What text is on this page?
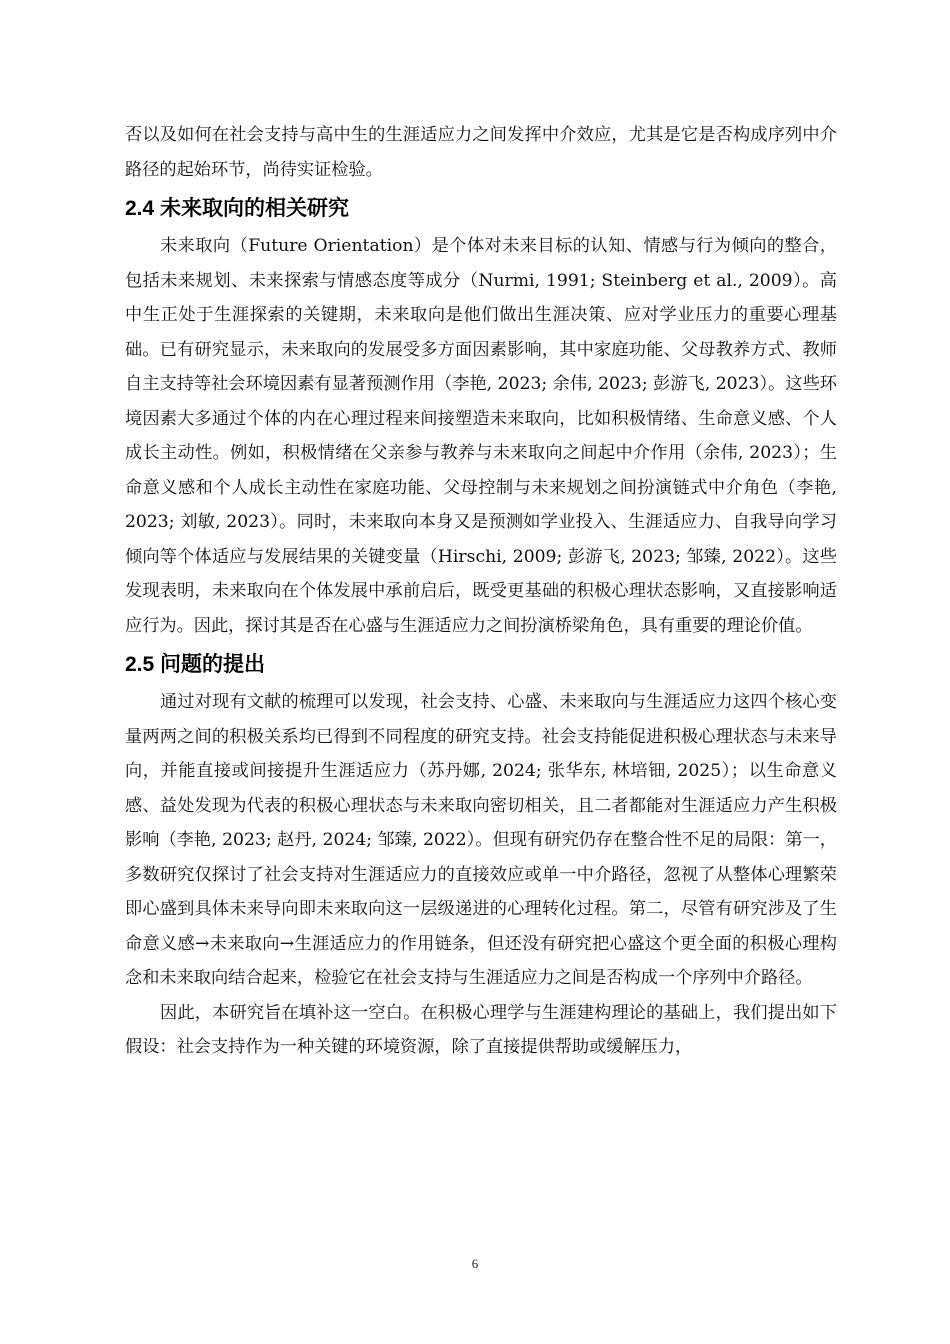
否以及如何在社会支持与高中生的生涯适应力之间发挥中介效应，尤其是它是否构成序列中介路径的起始环节，尚待实证检验。

2.4 未来取向的相关研究

未来取向（Future Orientation）是个体对未来目标的认知、情感与行为倾向的整合，包括未来规划、未来探索与情感态度等成分（Nurmi, 1991; Steinberg et al., 2009）。高中生正处于生涯探索的关键期，未来取向是他们做出生涯决策、应对学业压力的重要心理基础。已有研究显示，未来取向的发展受多方面因素影响，其中家庭功能、父母教养方式、教师自主支持等社会环境因素有显著预测作用（李艳, 2023; 余伟, 2023; 彭游飞, 2023）。这些环境因素大多通过个体的内在心理过程来间接塑造未来取向，比如积极情绪、生命意义感、个人成长主动性。例如，积极情绪在父亲参与教养与未来取向之间起中介作用（余伟, 2023）；生命意义感和个人成长主动性在家庭功能、父母控制与未来规划之间扮演链式中介角色（李艳, 2023; 刘敏, 2023）。同时，未来取向本身又是预测如学业投入、生涯适应力、自我导向学习倾向等个体适应与发展结果的关键变量（Hirschi, 2009; 彭游飞, 2023; 邹臻, 2022）。这些发现表明，未来取向在个体发展中承前启后，既受更基础的积极心理状态影响，又直接影响适应行为。因此，探讨其是否在心盛与生涯适应力之间扮演桥梁角色，具有重要的理论价值。

2.5 问题的提出

通过对现有文献的梳理可以发现，社会支持、心盛、未来取向与生涯适应力这四个核心变量两两之间的积极关系均已得到不同程度的研究支持。社会支持能促进积极心理状态与未来导向，并能直接或间接提升生涯适应力（苏丹娜, 2024; 张华东, 林培钿, 2025）；以生命意义感、益处发现为代表的积极心理状态与未来取向密切相关，且二者都能对生涯适应力产生积极影响（李艳, 2023; 赵丹, 2024; 邹臻, 2022）。但现有研究仍存在整合性不足的局限：第一，多数研究仅探讨了社会支持对生涯适应力的直接效应或单一中介路径，忽视了从整体心理繁荣即心盛到具体未来导向即未来取向这一层级递进的心理转化过程。第二，尽管有研究涉及了生命意义感→未来取向→生涯适应力的作用链条，但还没有研究把心盛这个更全面的积极心理构念和未来取向结合起来，检验它在社会支持与生涯适应力之间是否构成一个序列中介路径。

因此，本研究旨在填补这一空白。在积极心理学与生涯建构理论的基础上，我们提出如下假设：社会支持作为一种关键的环境资源，除了直接提供帮助或缓解压力，

6
